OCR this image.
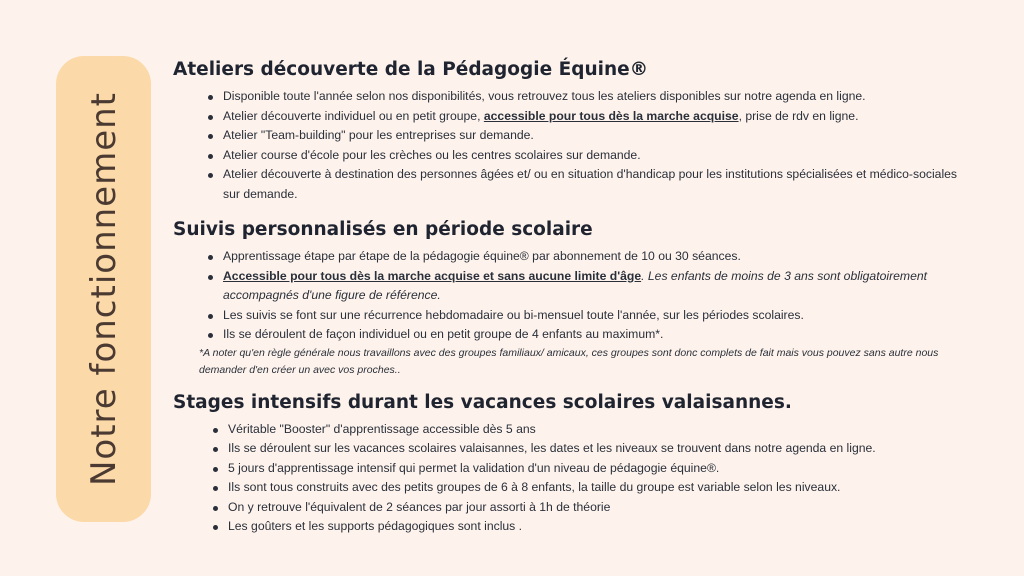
Notre fonctionnement
Ateliers découverte de la Pédagogie Équine®
Disponible toute l'année selon nos disponibilités, vous retrouvez tous les ateliers disponibles sur notre agenda en ligne.
Atelier découverte individuel ou en petit groupe, accessible pour tous dès la marche acquise, prise de rdv en ligne.
Atelier "Team-building" pour les entreprises sur demande.
Atelier course d'école pour les crèches ou les centres scolaires sur demande.
Atelier découverte à destination des personnes âgées et/ ou en situation d'handicap pour les institutions spécialisées et médico-sociales sur demande.
Suivis personnalisés en période scolaire
Apprentissage étape par étape de la pédagogie équine® par abonnement de 10 ou 30 séances.
Accessible pour tous dès la marche acquise et sans aucune limite d'âge. Les enfants de moins de 3 ans sont obligatoirement accompagnés d'une figure de référence.
Les suivis se font sur une récurrence hebdomadaire ou bi-mensuel toute l'année, sur les périodes scolaires.
Ils se déroulent de façon individuel ou en petit groupe de 4 enfants au maximum*.

*A noter qu'en règle générale nous travaillons avec des groupes familiaux/ amicaux, ces groupes sont donc complets de fait mais vous pouvez sans autre nous demander d'en créer un avec vos proches..

Stages intensifs durant les vacances scolaires valaisannes.
Véritable "Booster" d'apprentissage accessible dès 5 ans
Ils se déroulent sur les vacances scolaires valaisannes, les dates et les niveaux se trouvent dans notre agenda en ligne.
5 jours d'apprentissage intensif qui permet la validation d'un niveau de pédagogie équine®.
Ils sont tous construits avec des petits groupes de 6 à 8 enfants, la taille du groupe est variable selon les niveaux.
On y retrouve l'équivalent de 2 séances par jour assorti à 1h de théorie
Les goûters et les supports pédagogiques sont inclus .
